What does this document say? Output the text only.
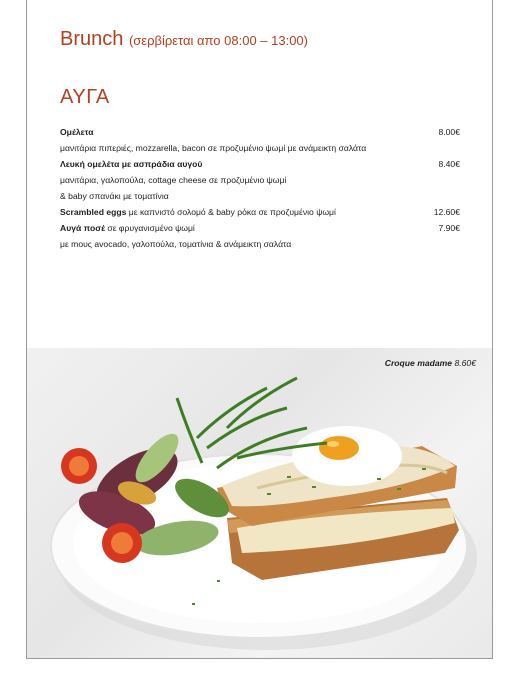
Brunch (σερβίρεται απο 08:00 – 13:00)
ΑΥΓΑ
Ομέλετα	8.00€
μανιτάρια πιπεριές, mozzarella, bacon σε προζυμένιο ψωμί με ανάμεικτη σαλάτα
Λευκή ομελέτα με ασπράδια αυγού	8.40€
μανιτάρια, γαλοπούλα, cottage cheese σε προζυμένιο ψωμί
& baby σπανάκι με τοματίνια
Scrambled eggs με καπνιστό σολομό & baby ρόκα σε προζυμένιο ψωμί	12.60€
Αυγά ποσέ σε φρυγανισμένο ψωμί	7.90€
με mους avocado, γαλοπούλα, τοματίνια & ανάμεικτη σαλάτα
Croque madame 8.60€
